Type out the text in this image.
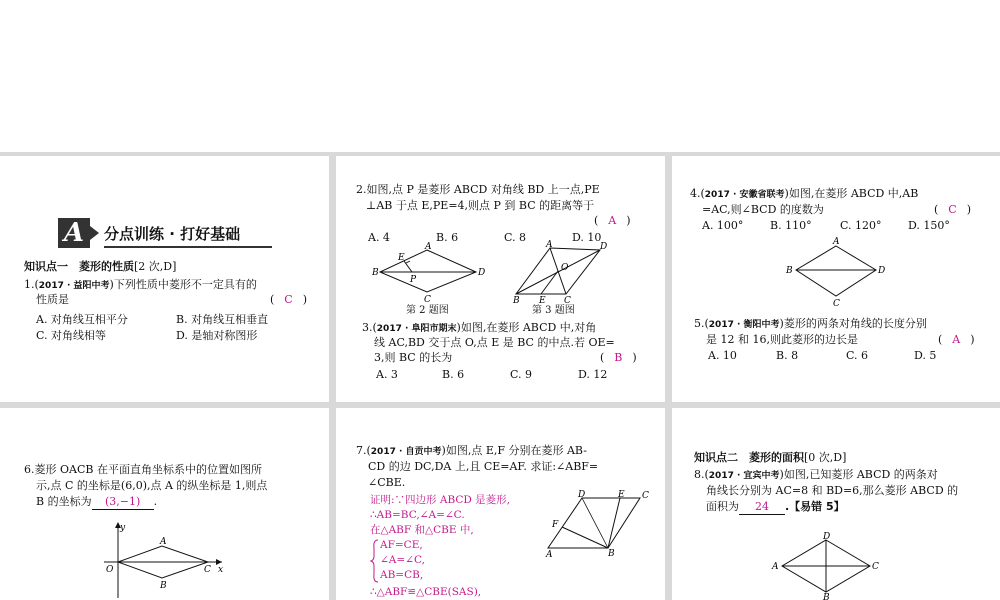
A	分点训练 · 打好基础
知识点一　菱形的性质[2 次,D]
1.(2017 · 益阳中考)下列性质中菱形不一定具有的
性质是	( C )
A. 对角线互相平分	B. 对角线互相垂直
C. 对角线相等	D. 是轴对称图形
2.如图,点 P 是菱形 ABCD 对角线 BD 上一点,PE
⊥AB 于点 E,PE=4,则点 P 到 BC 的距离等于
( A )
A. 4	B. 6	C. 8	D. 10
A
B
C
D
E
P
第 2 题图
A
B	C
D
E
O
第 3 题图
3.(2017 · 阜阳市期末)如图,在菱形 ABCD 中,对角
线 AC,BD 交于点 O,点 E 是 BC 的中点.若 OE=
3,则 BC 的长为	( B )
A. 3	B. 6	C. 9	D. 12
4.(2017 · 安徽省联考)如图,在菱形 ABCD 中,AB
=AC,则∠BCD 的度数为	( C )
A. 100° B. 110°	C. 120° D. 150°
A
B
C
D
5.(2017 · 衡阳中考)菱形的两条对角线的长度分别
是 12 和 16,则此菱形的边长是	( A )
A. 10	B. 8	C. 6	D. 5
6.菱形 OACB 在平面直角坐标系中的位置如图所
示,点 C 的坐标是(6,0),点 A 的纵坐标是 1,则点
B 的坐标为 (3,−1) .
y
O
A
B
C x
7.(2017 · 自贡中考)如图,点 E,F 分别在菱形 AB-
CD 的边 DC,DA 上,且 CE=AF. 求证:∠ABF=
∠CBE.
证明:∵四边形 ABCD 是菱形,
∴AB=BC,∠A=∠C.
在△ABF 和△CBE 中,
AF=CE,
∠A=∠C,
AB=CB,
∴△ABF≌△CBE(SAS),
A	B
C
D	E
F
知识点二　菱形的面积[0 次,D]
8.(2017 · 宜宾中考)如图,已知菱形 ABCD 的两条对
角线长分别为 AC=8 和 BD=6,那么菱形 ABCD 的
面积为 24 .【易错 5】
A
B
C
D
